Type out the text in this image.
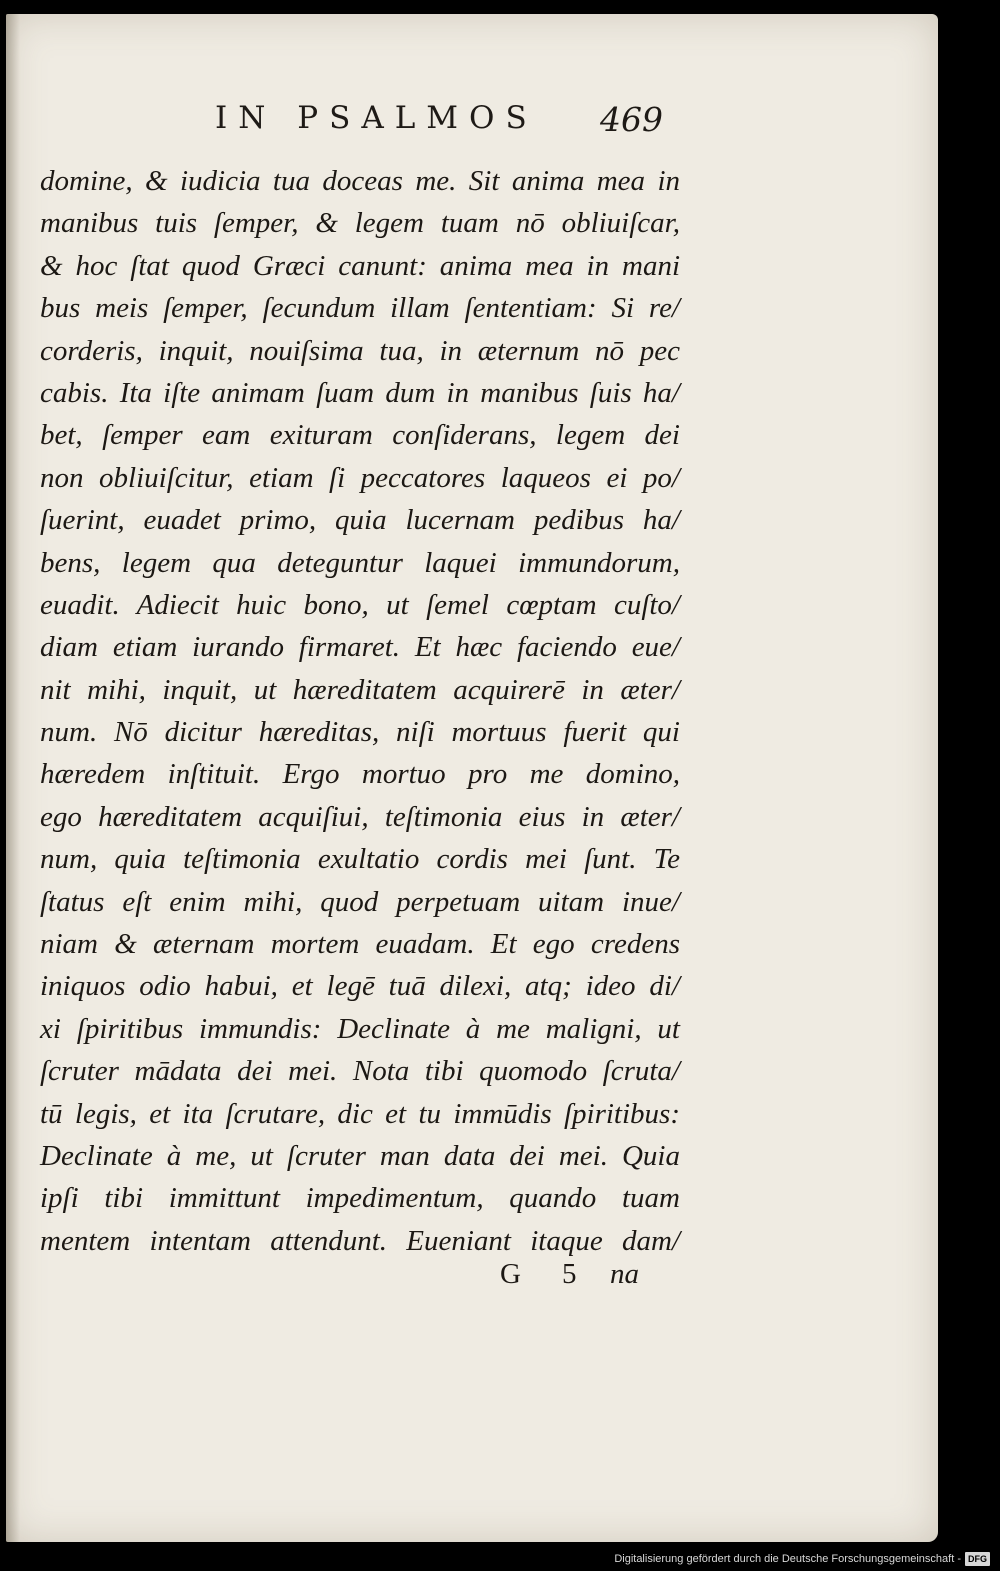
IN PSALMOS 469
domine, & iudicia tua doceas me. Sit anima mea in
manibus tuis ſemper, & legem tuam nō obliuiſcar,
& hoc ſtat quod Græci canunt: anima mea in mani
bus meis ſemper, ſecundum illam ſententiam: Si re/
corderis, inquit, nouiſsima tua, in æternum nō pec
cabis. Ita iſte animam ſuam dum in manibus ſuis ha/
bet, ſemper eam exituram conſiderans, legem dei
non obliuiſcitur, etiam ſi peccatores laqueos ei po/
ſuerint, euadet primo, quia lucernam pedibus ha/
bens, legem qua deteguntur laquei immundorum,
euadit. Adiecit huic bono, ut ſemel cœptam cuſto/
diam etiam iurando firmaret. Et hæc faciendo eue/
nit mihi, inquit, ut hæreditatem acquirerē in æter/
num. Nō dicitur hæreditas, niſi mortuus fuerit qui
hæredem inſtituit. Ergo mortuo pro me domino,
ego hæreditatem acquiſiui, teſtimonia eius in æter/
num, quia teſtimonia exultatio cordis mei ſunt. Te
ſtatus eſt enim mihi, quod perpetuam uitam inue/
niam & æternam mortem euadam. Et ego credens
iniquos odio habui, et legē tuā dilexi, atq; ideo di/
xi ſpiritibus immundis: Declinate à me maligni, ut
ſcruter mādata dei mei. Nota tibi quomodo ſcruta/
tū legis, et ita ſcrutare, dic et tu immūdis ſpiritibus:
Declinate à me, ut ſcruter man data dei mei. Quia
ipſi tibi immittunt impedimentum, quando tuam
mentem intentam attendunt. Eueniant itaque dam/
G 5 na
Digitalisierung gefördert durch die Deutsche Forschungsgemeinschaft - DFG
